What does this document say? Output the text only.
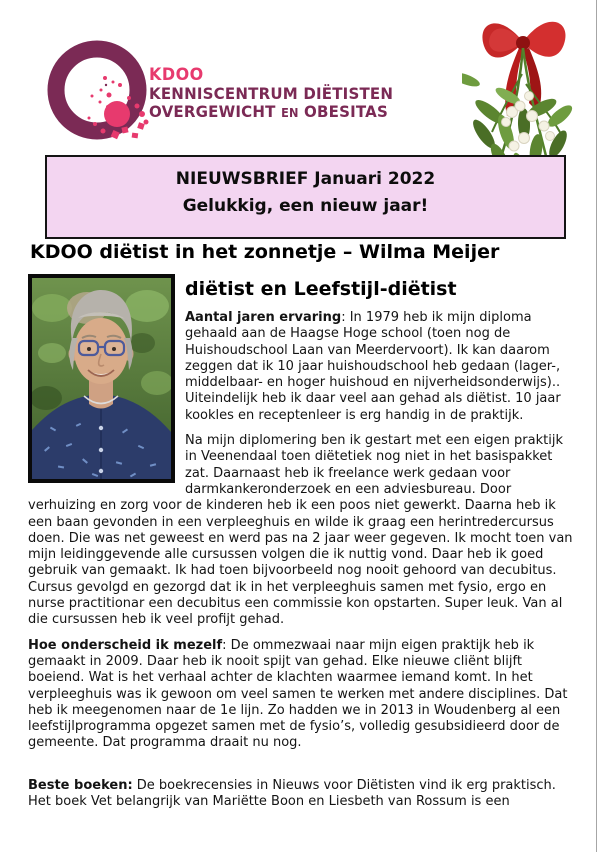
KDOO
KENNISCENTRUM DIËTISTEN
OVERGEWICHT EN OBESITAS
NIEUWSBRIEF Januari 2022
Gelukkig, een nieuw jaar!
KDOO diëtist in het zonnetje – Wilma Meijer
diëtist en Leefstijl-diëtist

Aantal jaren ervaring: In 1979 heb ik mijn diploma gehaald aan de Haagse Hoge school (toen nog de Huishoudschool Laan van Meerdervoort). Ik kan daarom zeggen dat ik 10 jaar huishoudschool heb gedaan (lager-, middelbaar- en hoger huishoud en nijverheidsonderwijs).. Uiteindelijk heb ik daar veel aan gehad als diëtist. 10 jaar kookles en receptenleer is erg handig in de praktijk.

Na mijn diplomering ben ik gestart met een eigen praktijk in Veenendaal toen diëtetiek nog niet in het basispakket zat. Daarnaast heb ik freelance werk gedaan voor darmkankeronderzoek en een adviesbureau. Door verhuizing en zorg voor de kinderen heb ik een poos niet gewerkt. Daarna heb ik een baan gevonden in een verpleeghuis en wilde ik graag een herintredercursus doen. Die was net geweest en werd pas na 2 jaar weer gegeven. Ik mocht toen van mijn leidinggevende alle cursussen volgen die ik nuttig vond. Daar heb ik goed gebruik van gemaakt. Ik had toen bijvoorbeeld nog nooit gehoord van decubitus. Cursus gevolgd en gezorgd dat ik in het verpleeghuis samen met fysio, ergo en nurse practitionar een decubitus een commissie kon opstarten. Super leuk. Van al die cursussen heb ik veel profijt gehad.

Hoe onderscheid ik mezelf: De ommezwaai naar mijn eigen praktijk heb ik gemaakt in 2009. Daar heb ik nooit spijt van gehad. Elke nieuwe cliënt blijft boeiend. Wat is het verhaal achter de klachten waarmee iemand komt. In het verpleeghuis was ik gewoon om veel samen te werken met andere disciplines. Dat heb ik meegenomen naar de 1e lijn. Zo hadden we in 2013 in Woudenberg al een leefstijlprogramma opgezet samen met de fysio’s, volledig gesubsidieerd door de gemeente. Dat programma draait nu nog.

Beste boeken: De boekrecensies in Nieuws voor Diëtisten vind ik erg praktisch. Het boek Vet belangrijk van Mariëtte Boon en Liesbeth van Rossum is een
